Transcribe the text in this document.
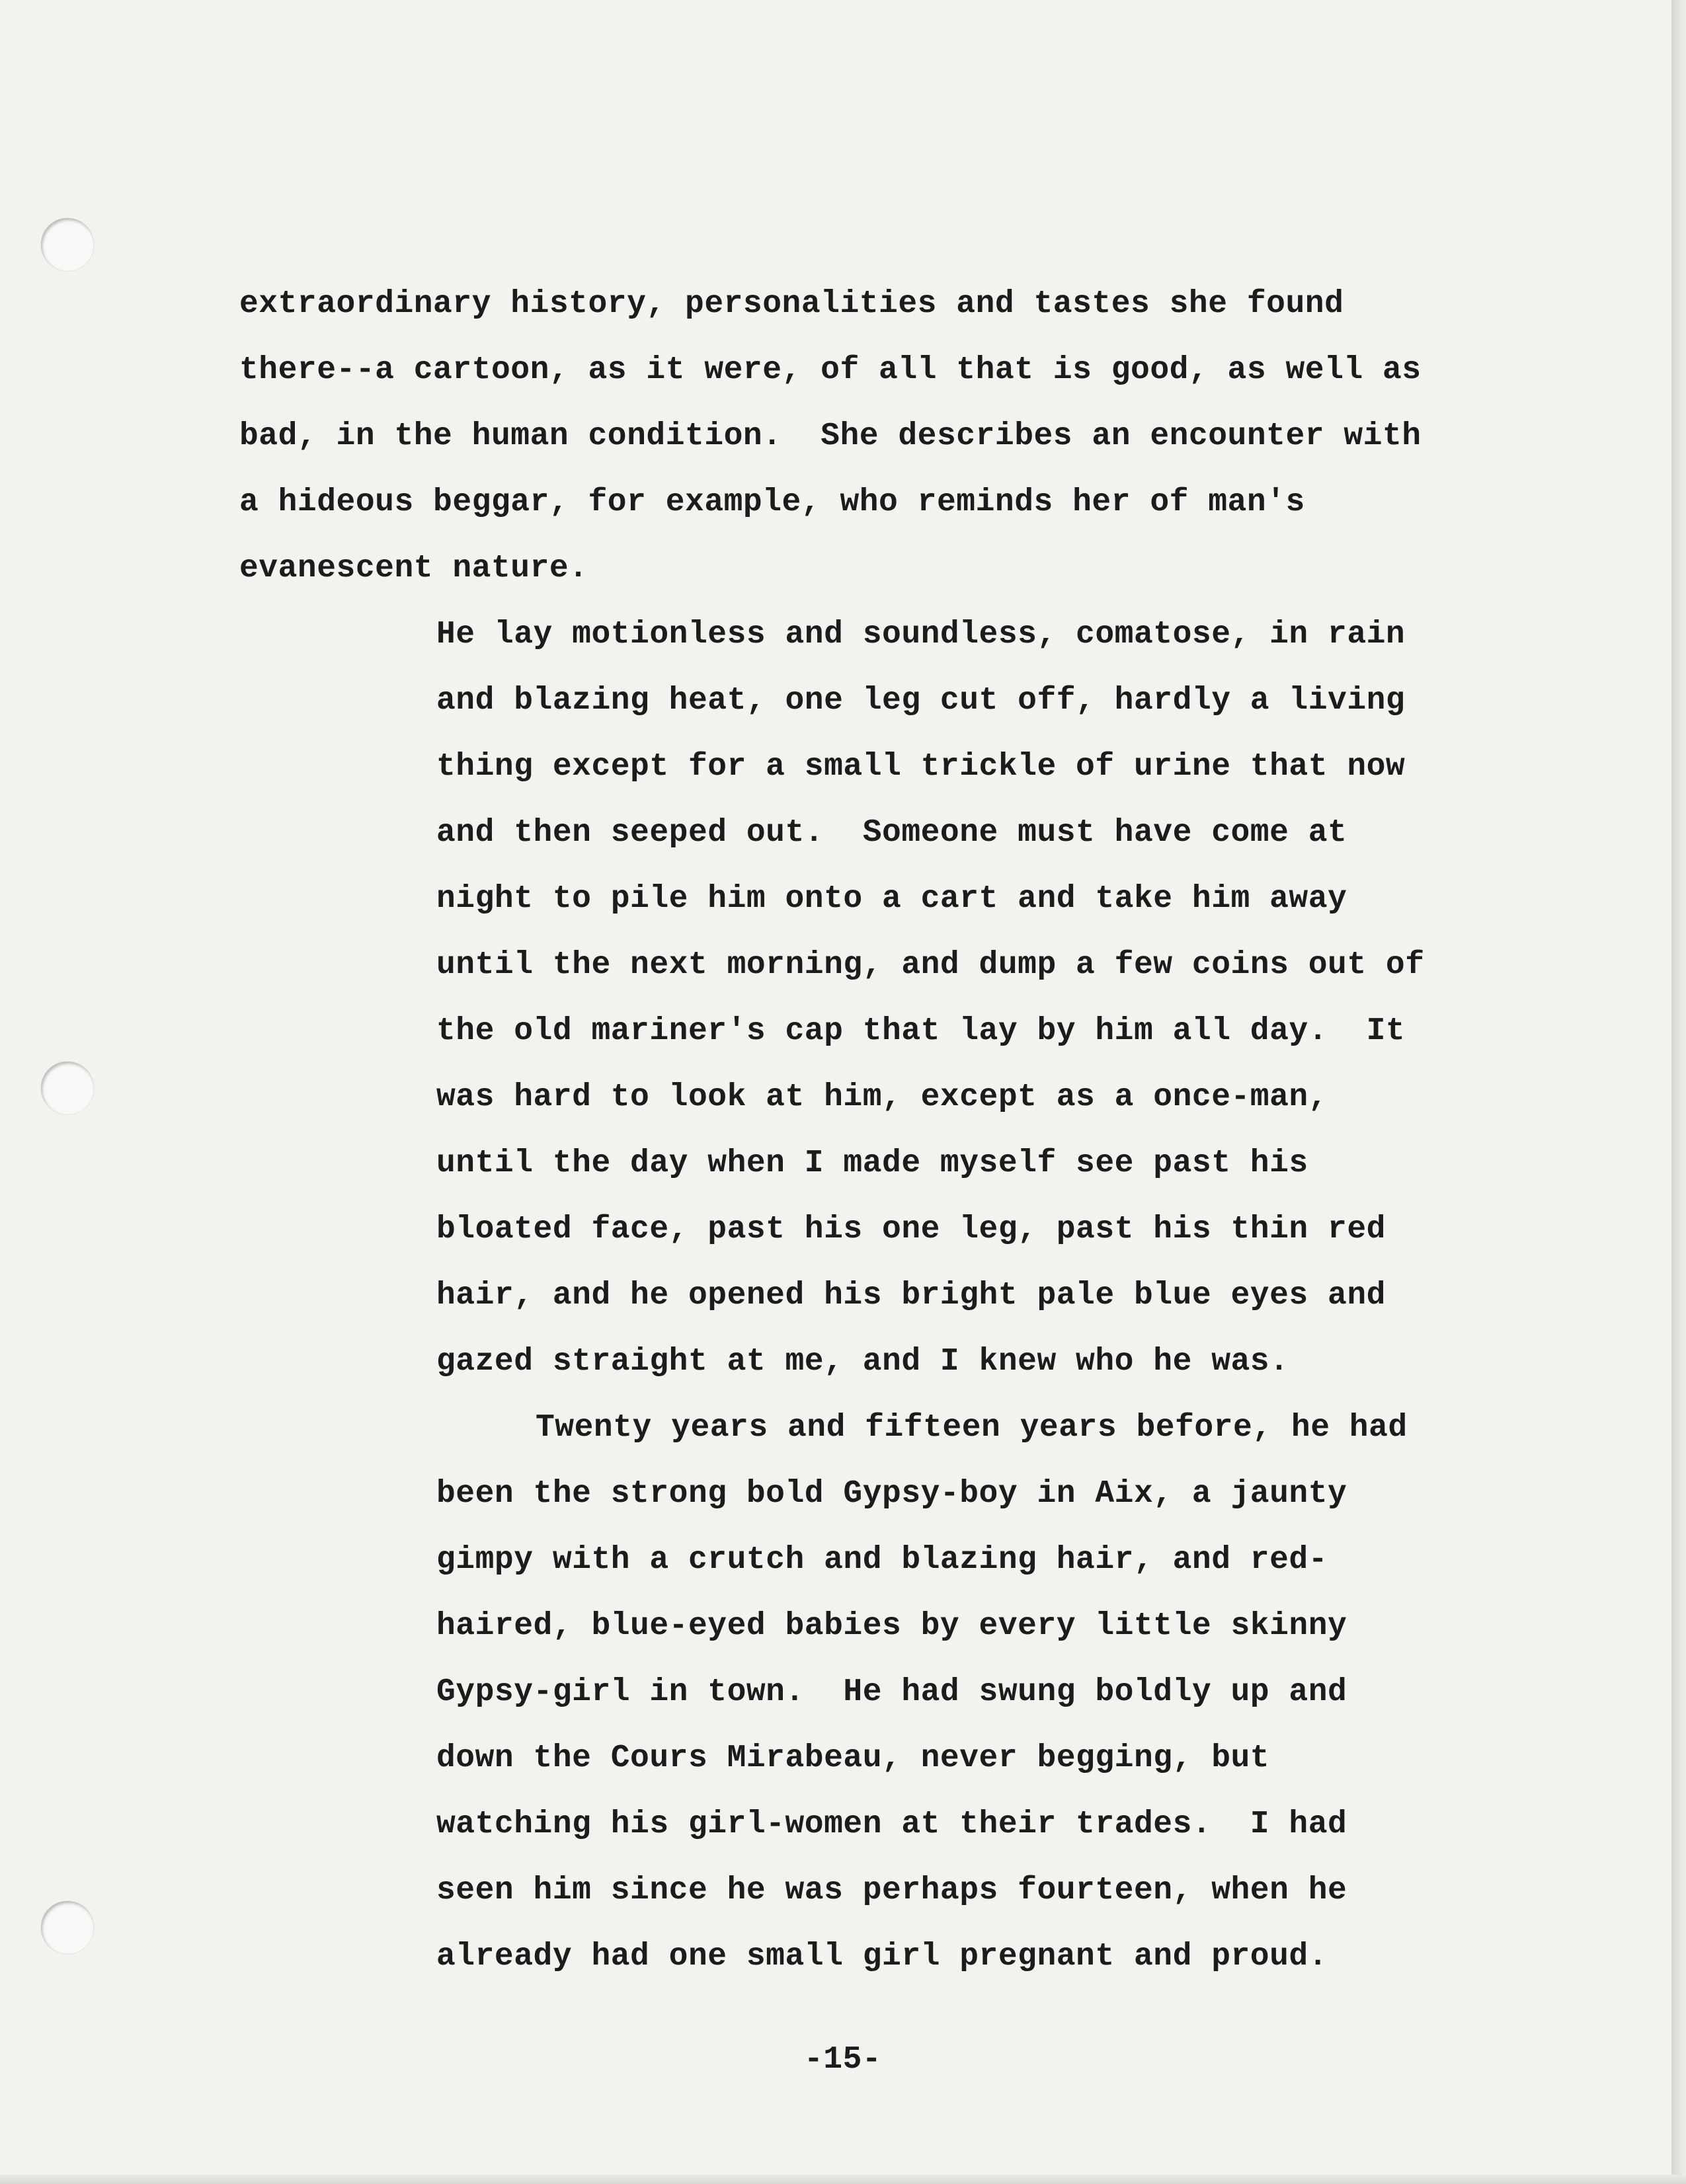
extraordinary history, personalities and tastes she found

there--a cartoon, as it were, of all that is good, as well as

bad, in the human condition.  She describes an encounter with

a hideous beggar, for example, who reminds her of man's

evanescent nature.

He lay motionless and soundless, comatose, in rain

and blazing heat, one leg cut off, hardly a living

thing except for a small trickle of urine that now

and then seeped out.  Someone must have come at

night to pile him onto a cart and take him away

until the next morning, and dump a few coins out of

the old mariner's cap that lay by him all day.  It

was hard to look at him, except as a once-man,

until the day when I made myself see past his

bloated face, past his one leg, past his thin red

hair, and he opened his bright pale blue eyes and

gazed straight at me, and I knew who he was.

Twenty years and fifteen years before, he had

been the strong bold Gypsy-boy in Aix, a jaunty

gimpy with a crutch and blazing hair, and red-

haired, blue-eyed babies by every little skinny

Gypsy-girl in town.  He had swung boldly up and

down the Cours Mirabeau, never begging, but

watching his girl-women at their trades.  I had

seen him since he was perhaps fourteen, when he

already had one small girl pregnant and proud.

-15-
